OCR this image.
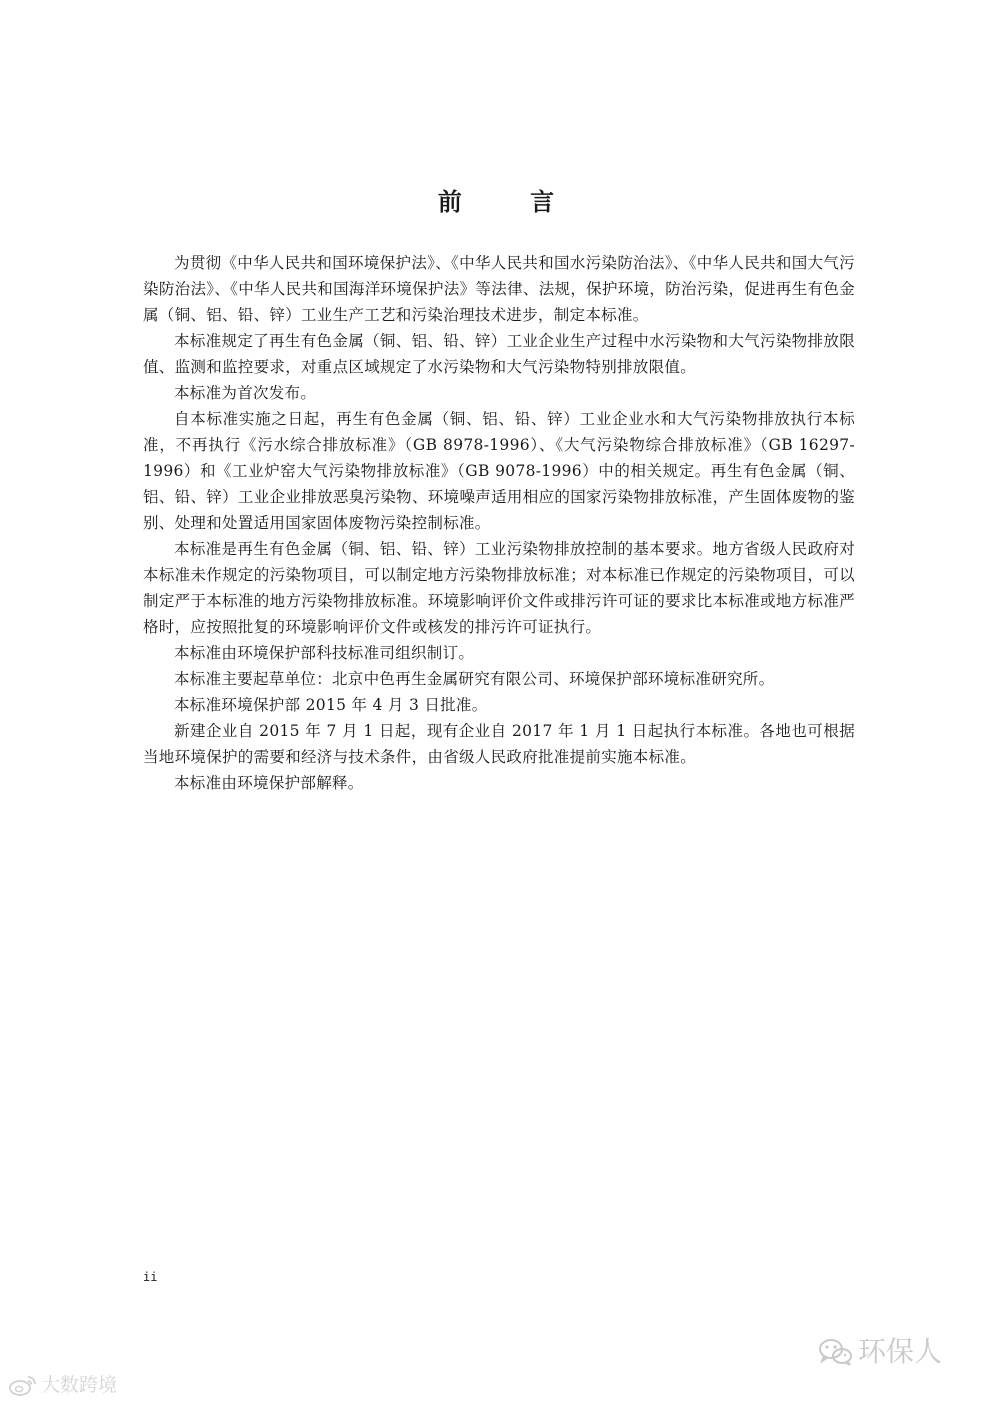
前 言

为贯彻《中华人民共和国环境保护法》、《中华人民共和国水污染防治法》、《中华人民共和国大气污染防治法》、《中华人民共和国海洋环境保护法》等法律、法规，保护环境，防治污染，促进再生有色金属（铜、铝、铅、锌）工业生产工艺和污染治理技术进步，制定本标准。

本标准规定了再生有色金属（铜、铝、铅、锌）工业企业生产过程中水污染物和大气污染物排放限值、监测和监控要求，对重点区域规定了水污染物和大气污染物特别排放限值。

本标准为首次发布。

自本标准实施之日起，再生有色金属（铜、铝、铅、锌）工业企业水和大气污染物排放执行本标准，不再执行《污水综合排放标准》（GB 8978-1996）、《大气污染物综合排放标准》（GB 16297-1996）和《工业炉窑大气污染物排放标准》（GB 9078-1996）中的相关规定。再生有色金属（铜、铝、铅、锌）工业企业排放恶臭污染物、环境噪声适用相应的国家污染物排放标准，产生固体废物的鉴别、处理和处置适用国家固体废物污染控制标准。

本标准是再生有色金属（铜、铝、铅、锌）工业污染物排放控制的基本要求。地方省级人民政府对本标准未作规定的污染物项目，可以制定地方污染物排放标准；对本标准已作规定的污染物项目，可以制定严于本标准的地方污染物排放标准。环境影响评价文件或排污许可证的要求比本标准或地方标准严格时，应按照批复的环境影响评价文件或核发的排污许可证执行。

本标准由环境保护部科技标准司组织制订。

本标准主要起草单位：北京中色再生金属研究有限公司、环境保护部环境标准研究所。

本标准环境保护部 2015 年 4 月 3 日批准。

新建企业自 2015 年 7 月 1 日起，现有企业自 2017 年 1 月 1 日起执行本标准。各地也可根据当地环境保护的需要和经济与技术条件，由省级人民政府批准提前实施本标准。

本标准由环境保护部解释。

ii
环保人
大数跨境
